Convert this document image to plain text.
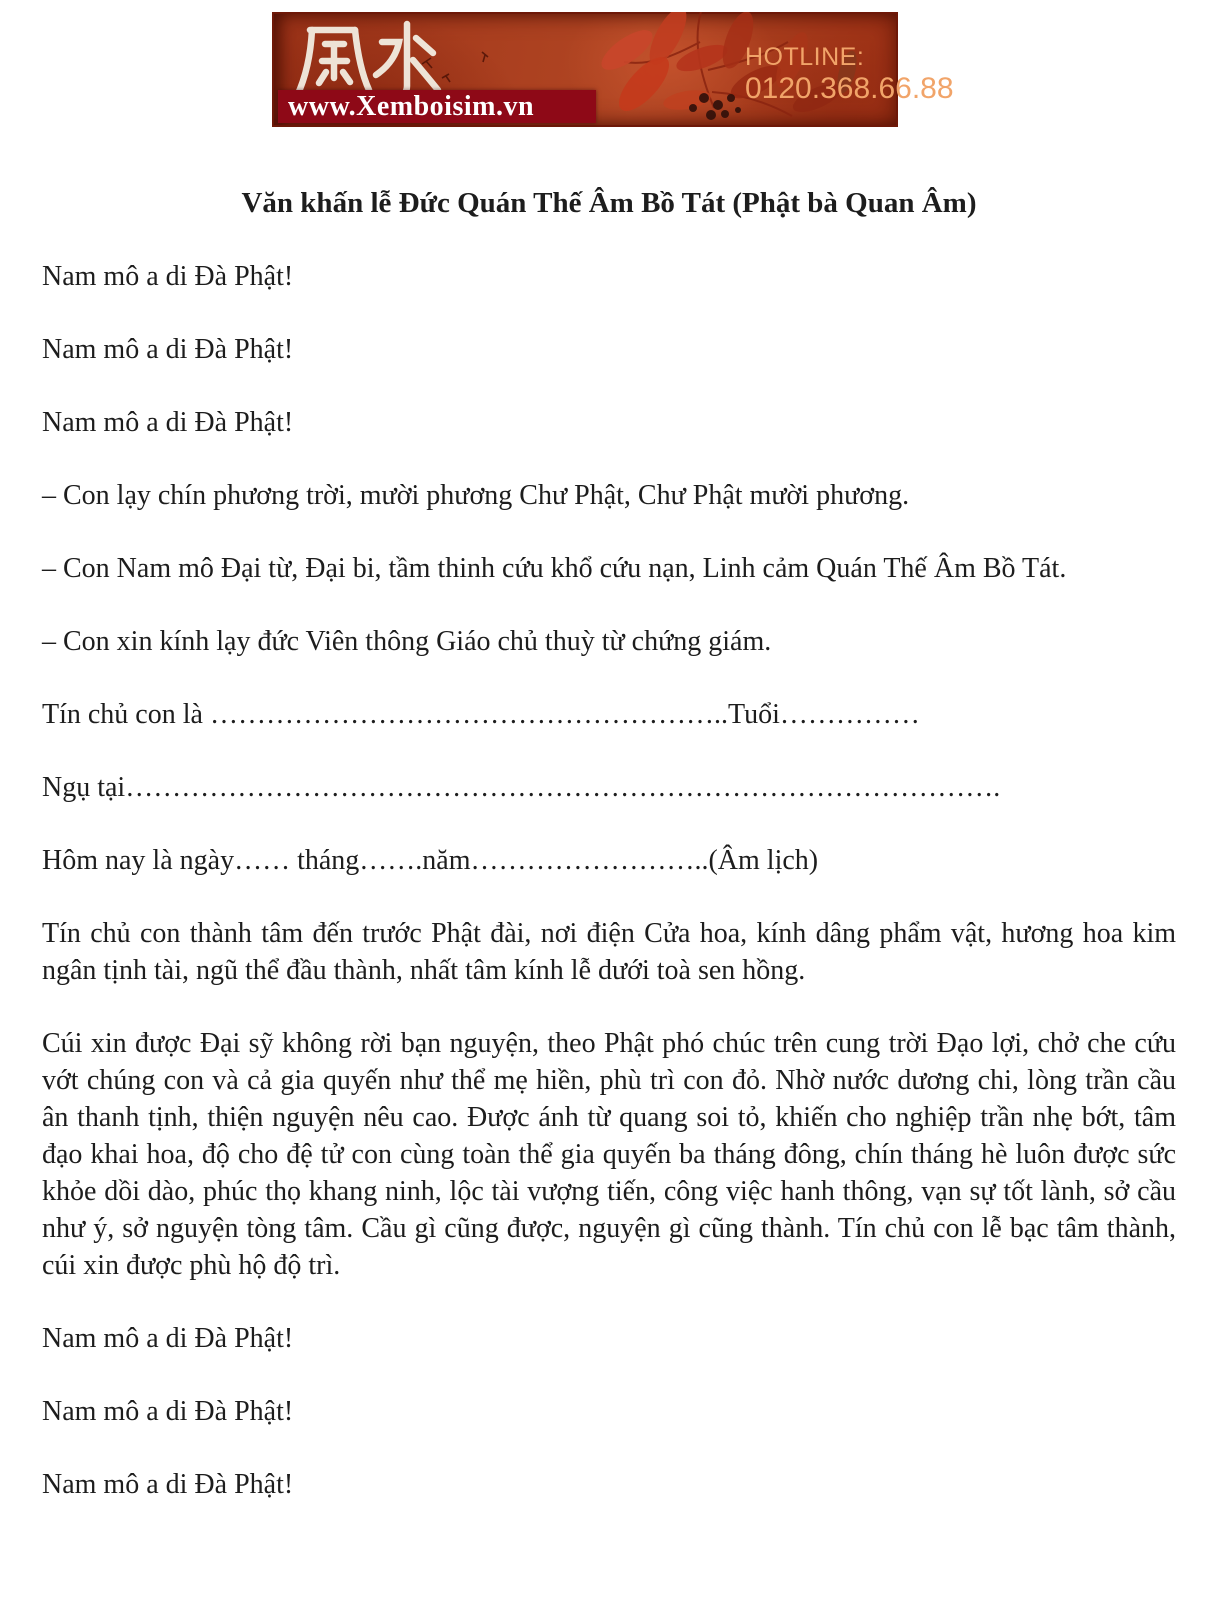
www.Xemboisim.vn
HOTLINE:
0120.368.66.88
Văn khấn lễ Đức Quán Thế Âm Bồ Tát (Phật bà Quan Âm)

Nam mô a di Đà Phật!

Nam mô a di Đà Phật!

Nam mô a di Đà Phật!

– Con lạy chín phương trời, mười phương Chư Phật, Chư Phật mười phương.

– Con Nam mô Đại từ, Đại bi, tầm thinh cứu khổ cứu nạn, Linh cảm Quán Thế Âm Bồ Tát.

– Con xin kính lạy đức Viên thông Giáo chủ thuỳ từ chứng giám.

Tín chủ con là ………………………………………………..Tuổi……………

Ngụ tại………………………………………………………………………………….

Hôm nay là ngày…… tháng…….năm……………………..(Âm lịch)

Tín chủ con thành tâm đến trước Phật đài, nơi điện Cửa hoa, kính dâng phẩm vật, hương hoa kim ngân tịnh tài, ngũ thể đầu thành, nhất tâm kính lễ dưới toà sen hồng.

Cúi xin được Đại sỹ không rời bạn nguyện, theo Phật phó chúc trên cung trời Đạo lợi, chở che cứu vớt chúng con và cả gia quyến như thể mẹ hiền, phù trì con đỏ. Nhờ nước dương chi, lòng trần cầu ân thanh tịnh, thiện nguyện nêu cao. Được ánh từ quang soi tỏ, khiến cho nghiệp trần nhẹ bớt, tâm đạo khai hoa, độ cho đệ tử con cùng toàn thể gia quyến ba tháng đông, chín tháng hè luôn được sức khỏe dồi dào, phúc thọ khang ninh, lộc tài vượng tiến, công việc hanh thông, vạn sự tốt lành, sở cầu như ý, sở nguyện tòng tâm. Cầu gì cũng được, nguyện gì cũng thành. Tín chủ con lễ bạc tâm thành, cúi xin được phù hộ độ trì.

Nam mô a di Đà Phật!

Nam mô a di Đà Phật!

Nam mô a di Đà Phật!
